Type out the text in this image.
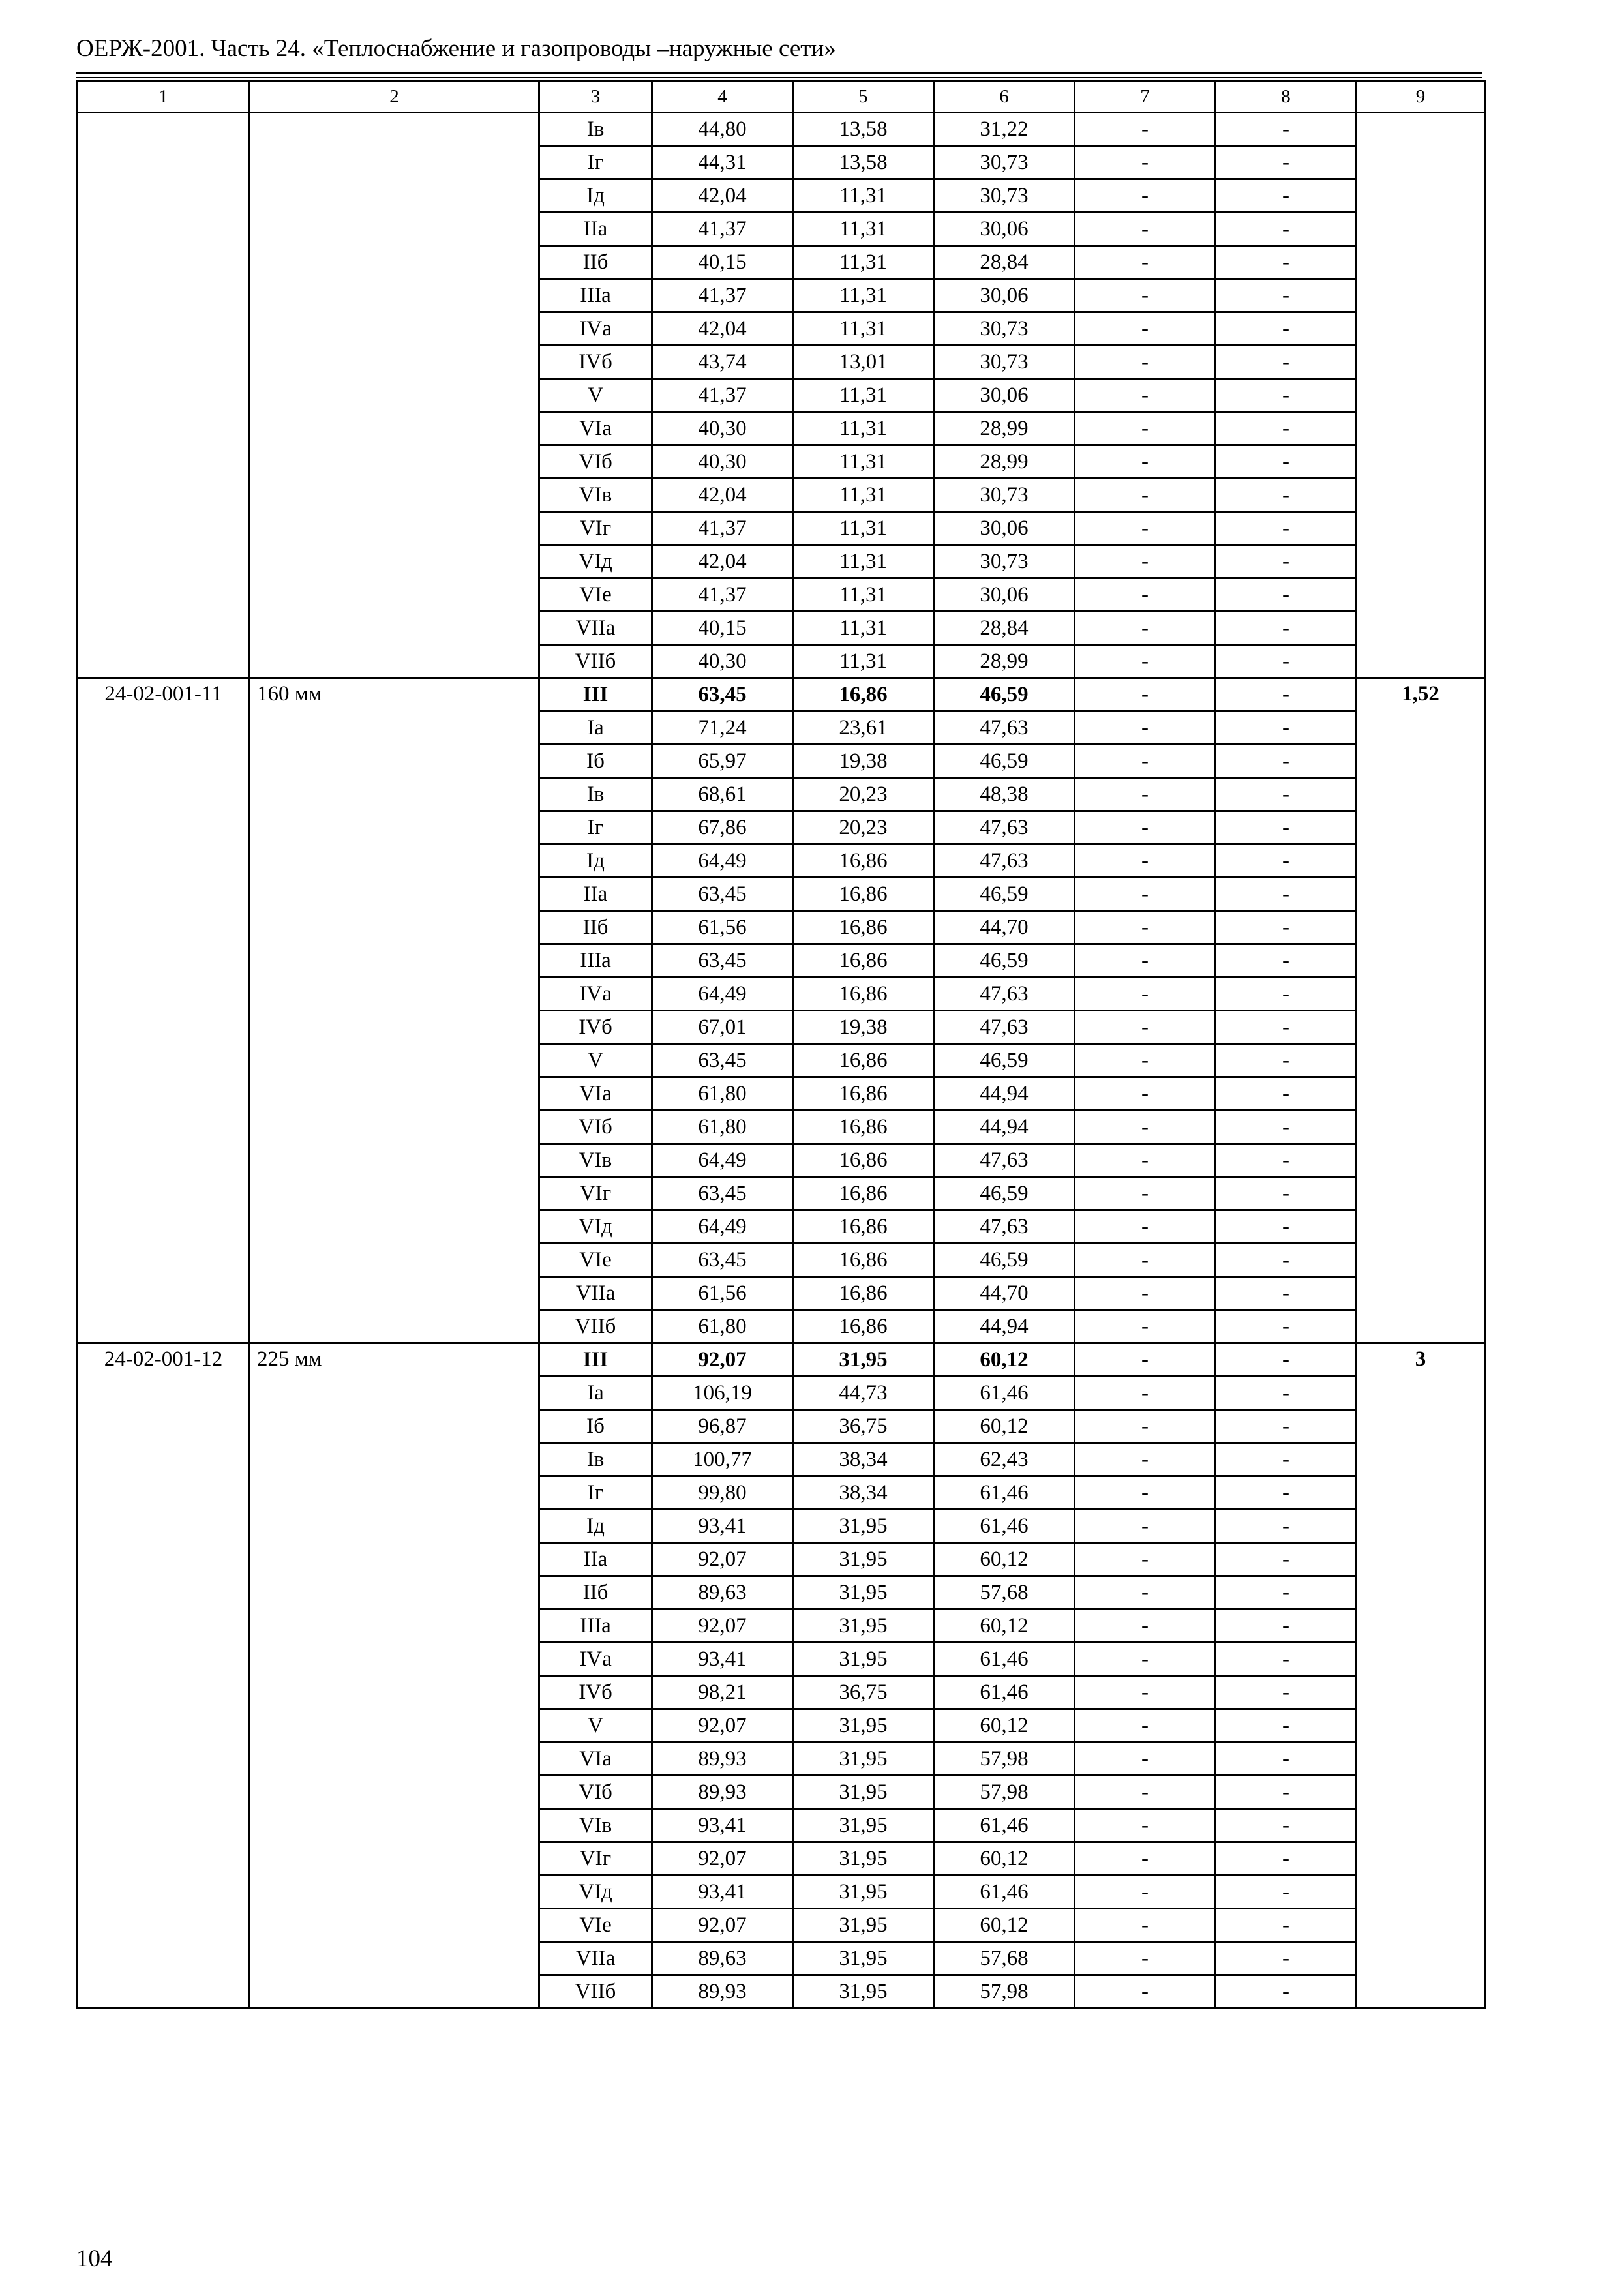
ОЕРЖ-2001. Часть 24. «Теплоснабжение и газопроводы –наружные сети»
1	2	3	4	5	6	7	8	9
		Iв	44,80	13,58	31,22	-	-	
		Iг	44,31	13,58	30,73	-	-	
		Iд	42,04	11,31	30,73	-	-	
		IIа	41,37	11,31	30,06	-	-	
		IIб	40,15	11,31	28,84	-	-	
		IIIа	41,37	11,31	30,06	-	-	
		IVа	42,04	11,31	30,73	-	-	
		IVб	43,74	13,01	30,73	-	-	
		V	41,37	11,31	30,06	-	-	
		VIа	40,30	11,31	28,99	-	-	
		VIб	40,30	11,31	28,99	-	-	
		VIв	42,04	11,31	30,73	-	-	
		VIг	41,37	11,31	30,06	-	-	
		VIд	42,04	11,31	30,73	-	-	
		VIе	41,37	11,31	30,06	-	-	
		VIIа	40,15	11,31	28,84	-	-	
		VIIб	40,30	11,31	28,99	-	-	
24-02-001-11	160 мм	III	63,45	16,86	46,59	-	-	1,52
		Iа	71,24	23,61	47,63	-	-	
		Iб	65,97	19,38	46,59	-	-	
		Iв	68,61	20,23	48,38	-	-	
		Iг	67,86	20,23	47,63	-	-	
		Iд	64,49	16,86	47,63	-	-	
		IIа	63,45	16,86	46,59	-	-	
		IIб	61,56	16,86	44,70	-	-	
		IIIа	63,45	16,86	46,59	-	-	
		IVа	64,49	16,86	47,63	-	-	
		IVб	67,01	19,38	47,63	-	-	
		V	63,45	16,86	46,59	-	-	
		VIа	61,80	16,86	44,94	-	-	
		VIб	61,80	16,86	44,94	-	-	
		VIв	64,49	16,86	47,63	-	-	
		VIг	63,45	16,86	46,59	-	-	
		VIд	64,49	16,86	47,63	-	-	
		VIе	63,45	16,86	46,59	-	-	
		VIIа	61,56	16,86	44,70	-	-	
		VIIб	61,80	16,86	44,94	-	-	
24-02-001-12	225 мм	III	92,07	31,95	60,12	-	-	3
		Iа	106,19	44,73	61,46	-	-	
		Iб	96,87	36,75	60,12	-	-	
		Iв	100,77	38,34	62,43	-	-	
		Iг	99,80	38,34	61,46	-	-	
		Iд	93,41	31,95	61,46	-	-	
		IIа	92,07	31,95	60,12	-	-	
		IIб	89,63	31,95	57,68	-	-	
		IIIа	92,07	31,95	60,12	-	-	
		IVа	93,41	31,95	61,46	-	-	
		IVб	98,21	36,75	61,46	-	-	
		V	92,07	31,95	60,12	-	-	
		VIа	89,93	31,95	57,98	-	-	
		VIб	89,93	31,95	57,98	-	-	
		VIв	93,41	31,95	61,46	-	-	
		VIг	92,07	31,95	60,12	-	-	
		VIд	93,41	31,95	61,46	-	-	
		VIе	92,07	31,95	60,12	-	-	
		VIIа	89,63	31,95	57,68	-	-	
		VIIб	89,93	31,95	57,98	-	-	
104
